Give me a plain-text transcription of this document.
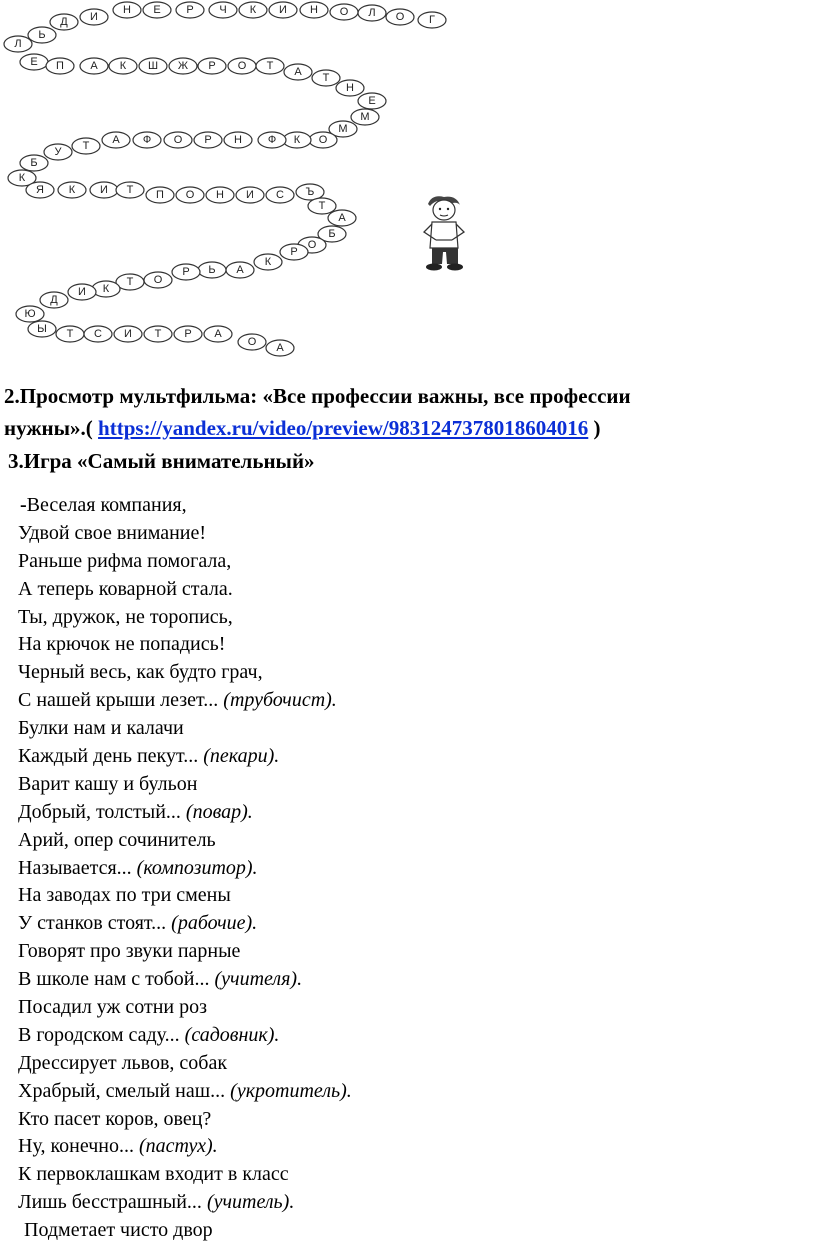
Г
О
Л
О
Н
И
К
Ч
Р
Е
Н
И
Д
Ь
Л
Е П А К Ш Ж Р О Т А Т
Н
Е
М
М
О
К
Ф
Н
Р
О
Ф
А
Т
У
Б
К
Я К И Т П О Н И С Ъ
Т
А
Б
О
Р
К
А
Ь
Р
О
Т
К
И
Д
Ю
Ы Т С И Т Р А
О А
2.Просмотр мультфильма: «Все профессии важны, все профессии
нужны».( https://yandex.ru/video/preview/9831247378018604016 )
3.Игра «Самый внимательный»
-Веселая компания,
Удвой свое внимание!
Раньше рифма помогала,
А теперь коварной стала.
Ты, дружок, не торопись,
На крючок не попадись!
Черный весь, как будто грач,
С нашей крыши лезет... (трубочист).
Булки нам и калачи
Каждый день пекут... (пекари).
Варит кашу и бульон
Добрый, толстый... (повар).
Арий, опер сочинитель
Называется... (композитор).
На заводах по три смены
У станков стоят... (рабочие).
Говорят про звуки парные
В школе нам с тобой... (учителя).
Посадил уж сотни роз
В городском саду... (садовник).
Дрессирует львов, собак
Храбрый, смелый наш... (укротитель).
Кто пасет коров, овец?
Ну, конечно... (пастух).
К первоклашкам входит в класс
Лишь бесстрашный... (учитель).
Подметает чисто двор
